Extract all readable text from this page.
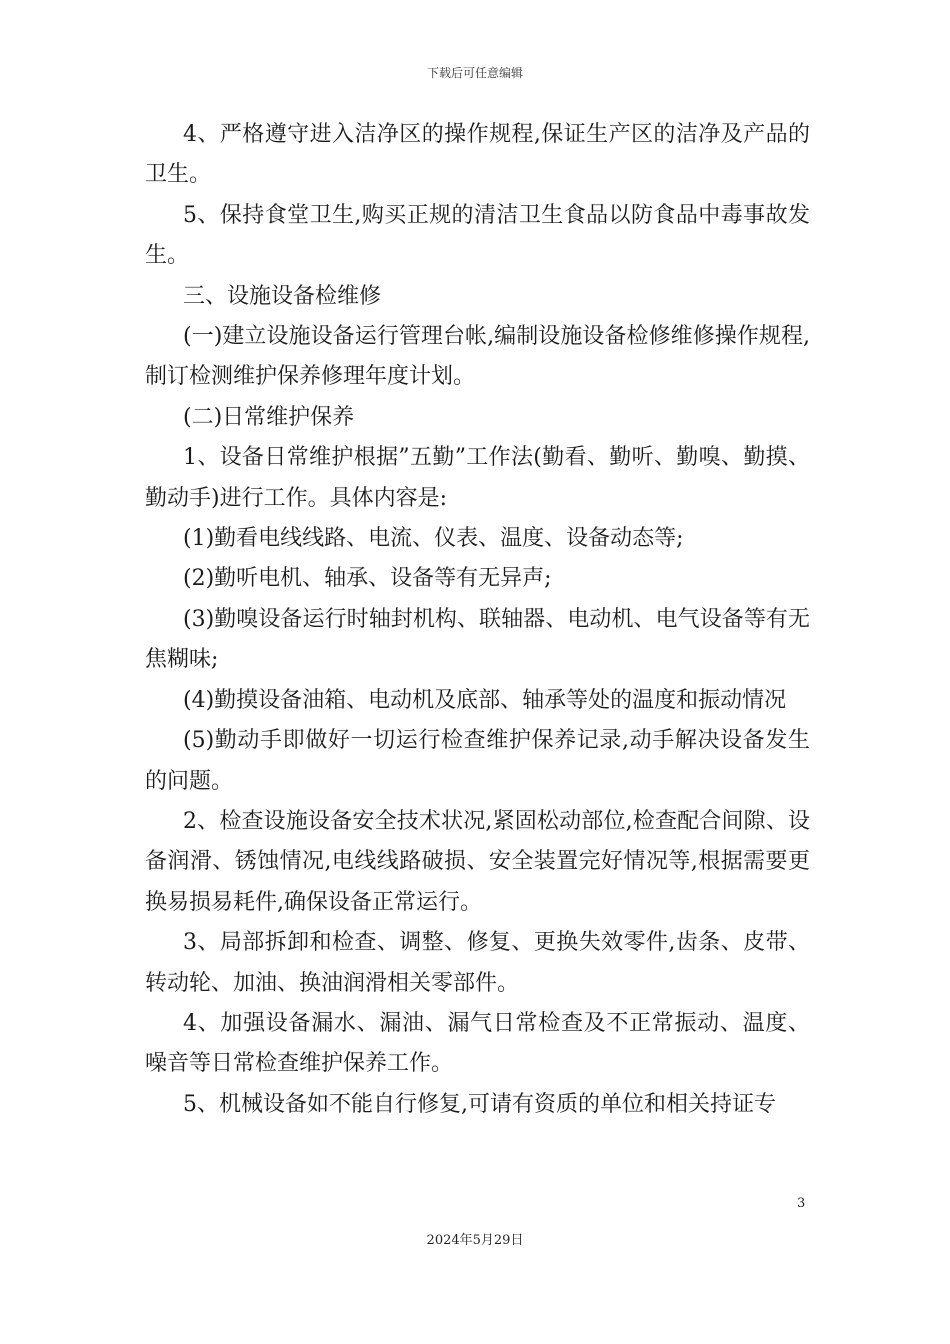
下载后可任意编辑

4、严格遵守进入洁净区的操作规程,保证生产区的洁净及产品的卫生。

5、保持食堂卫生,购买正规的清洁卫生食品以防食品中毒事故发生。

三、设施设备检维修

(一)建立设施设备运行管理台帐,编制设施设备检修维修操作规程,制订检测维护保养修理年度计划。

(二)日常维护保养

1、设备日常维护根据”五勤”工作法(勤看、勤听、勤嗅、勤摸、勤动手)进行工作。具体内容是:

(1)勤看电线线路、电流、仪表、温度、设备动态等;

(2)勤听电机、轴承、设备等有无异声;

(3)勤嗅设备运行时轴封机构、联轴器、电动机、电气设备等有无焦糊味;

(4)勤摸设备油箱、电动机及底部、轴承等处的温度和振动情况

(5)勤动手即做好一切运行检查维护保养记录,动手解决设备发生的问题。

2、检查设施设备安全技术状况,紧固松动部位,检查配合间隙、设备润滑、锈蚀情况,电线线路破损、安全装置完好情况等,根据需要更换易损易耗件,确保设备正常运行。

3、局部拆卸和检查、调整、修复、更换失效零件,齿条、皮带、转动轮、加油、换油润滑相关零部件。

4、加强设备漏水、漏油、漏气日常检查及不正常振动、温度、噪音等日常检查维护保养工作。

5、机械设备如不能自行修复,可请有资质的单位和相关持证专

3
2024年5月29日
